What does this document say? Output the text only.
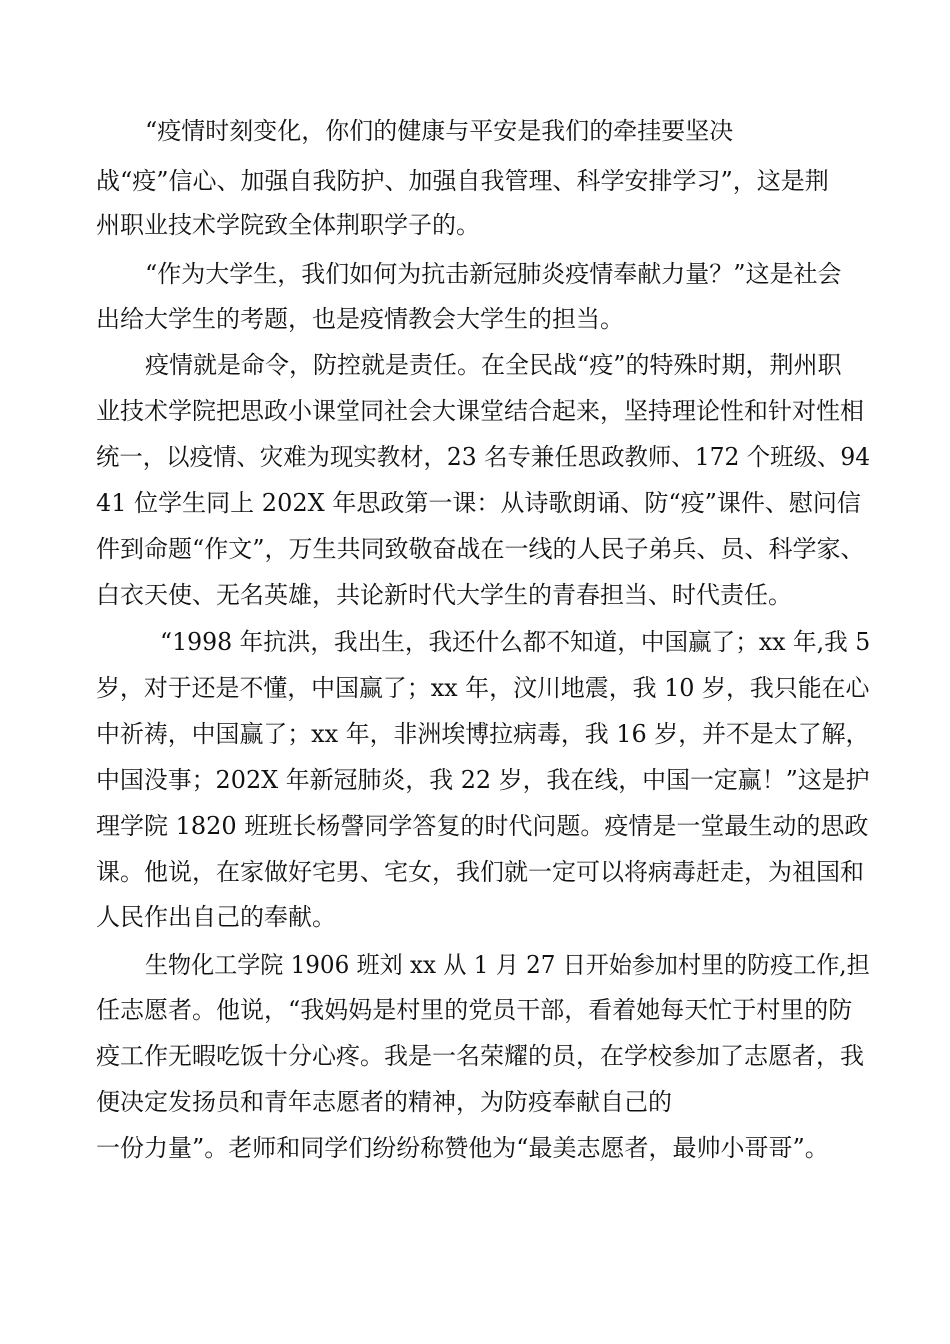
“疫情时刻变化，你们的健康与平安是我们的牵挂要坚决

战“疫”信心、加强自我防护、加强自我管理、科学安排学习”，这是荆

州职业技术学院致全体荆职学子的。

“作为大学生，我们如何为抗击新冠肺炎疫情奉献力量？”这是社会

出给大学生的考题，也是疫情教会大学生的担当。

疫情就是命令，防控就是责任。在全民战“疫”的特殊时期，荆州职

业技术学院把思政小课堂同社会大课堂结合起来，坚持理论性和针对性相

统一，以疫情、灾难为现实教材，23 名专兼任思政教师、172 个班级、94

41 位学生同上 202X 年思政第一课：从诗歌朗诵、防“疫”课件、慰问信

件到命题“作文”，万生共同致敬奋战在一线的人民子弟兵、员、科学家、

白衣天使、无名英雄，共论新时代大学生的青春担当、时代责任。

“1998 年抗洪，我出生，我还什么都不知道，中国赢了；xx 年,我 5

岁，对于还是不懂，中国赢了；xx 年，汶川地震，我 10 岁，我只能在心

中祈祷，中国赢了；xx 年，非洲埃博拉病毒，我 16 岁，并不是太了解，

中国没事；202X 年新冠肺炎，我 22 岁，我在线，中国一定赢！”这是护

理学院 1820 班班长杨謦同学答复的时代问题。疫情是一堂最生动的思政

课。他说，在家做好宅男、宅女，我们就一定可以将病毒赶走，为祖国和

人民作出自己的奉献。

生物化工学院 1906 班刘 xx 从 1 月 27 日开始参加村里的防疫工作,担

任志愿者。他说，“我妈妈是村里的党员干部，看着她每天忙于村里的防

疫工作无暇吃饭十分心疼。我是一名荣耀的员，在学校参加了志愿者，我

便决定发扬员和青年志愿者的精神，为防疫奉献自己的

一份力量”。老师和同学们纷纷称赞他为“最美志愿者，最帅小哥哥”。
